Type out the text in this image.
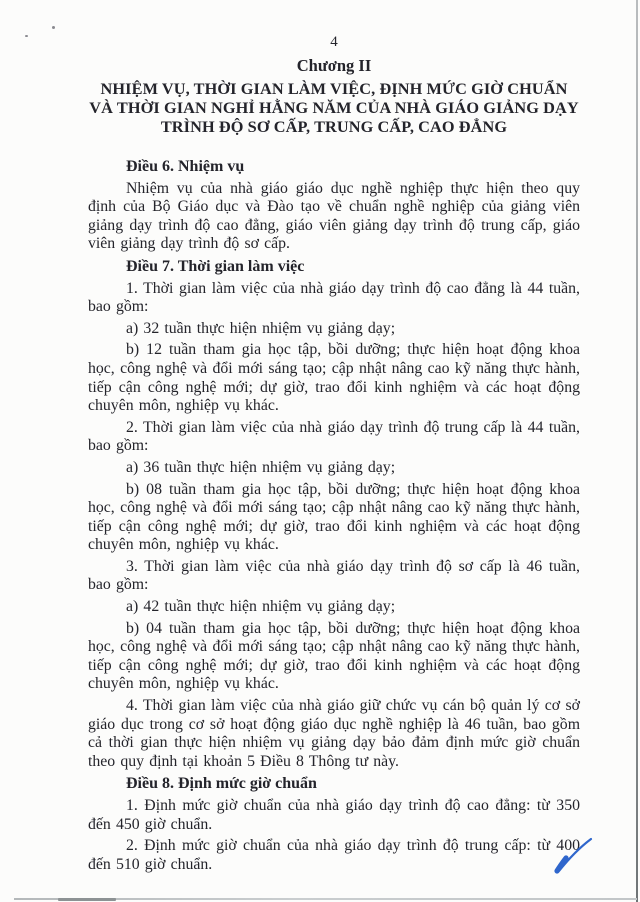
4
Chương II
NHIỆM VỤ, THỜI GIAN LÀM VIỆC, ĐỊNH MỨC GIỜ CHUẨN
VÀ THỜI GIAN NGHỈ HẰNG NĂM CỦA NHÀ GIÁO GIẢNG DẠY
TRÌNH ĐỘ SƠ CẤP, TRUNG CẤP, CAO ĐẲNG
Điều 6. Nhiệm vụ

Nhiệm vụ của nhà giáo giáo dục nghề nghiệp thực hiện theo quy định của Bộ Giáo dục và Đào tạo về chuẩn nghề nghiệp của giảng viên giảng dạy trình độ cao đẳng, giáo viên giảng dạy trình độ trung cấp, giáo viên giảng dạy trình độ sơ cấp.

Điều 7. Thời gian làm việc

1. Thời gian làm việc của nhà giáo dạy trình độ cao đẳng là 44 tuần, bao gồm:

a) 32 tuần thực hiện nhiệm vụ giảng dạy;

b) 12 tuần tham gia học tập, bồi dưỡng; thực hiện hoạt động khoa học, công nghệ và đổi mới sáng tạo; cập nhật nâng cao kỹ năng thực hành, tiếp cận công nghệ mới; dự giờ, trao đổi kinh nghiệm và các hoạt động chuyên môn, nghiệp vụ khác.

2. Thời gian làm việc của nhà giáo dạy trình độ trung cấp là 44 tuần, bao gồm:

a) 36 tuần thực hiện nhiệm vụ giảng dạy;

b) 08 tuần tham gia học tập, bồi dưỡng; thực hiện hoạt động khoa học, công nghệ và đổi mới sáng tạo; cập nhật nâng cao kỹ năng thực hành, tiếp cận công nghệ mới; dự giờ, trao đổi kinh nghiệm và các hoạt động chuyên môn, nghiệp vụ khác.

3. Thời gian làm việc của nhà giáo dạy trình độ sơ cấp là 46 tuần, bao gồm:

a) 42 tuần thực hiện nhiệm vụ giảng dạy;

b) 04 tuần tham gia học tập, bồi dưỡng; thực hiện hoạt động khoa học, công nghệ và đổi mới sáng tạo; cập nhật nâng cao kỹ năng thực hành, tiếp cận công nghệ mới; dự giờ, trao đổi kinh nghiệm và các hoạt động chuyên môn, nghiệp vụ khác.

4. Thời gian làm việc của nhà giáo giữ chức vụ cán bộ quản lý cơ sở giáo dục trong cơ sở hoạt động giáo dục nghề nghiệp là 46 tuần, bao gồm cả thời gian thực hiện nhiệm vụ giảng dạy bảo đảm định mức giờ chuẩn theo quy định tại khoản 5 Điều 8 Thông tư này.

Điều 8. Định mức giờ chuẩn

1. Định mức giờ chuẩn của nhà giáo dạy trình độ cao đẳng: từ 350 đến 450 giờ chuẩn.

2. Định mức giờ chuẩn của nhà giáo dạy trình độ trung cấp: từ 400 đến 510 giờ chuẩn.
